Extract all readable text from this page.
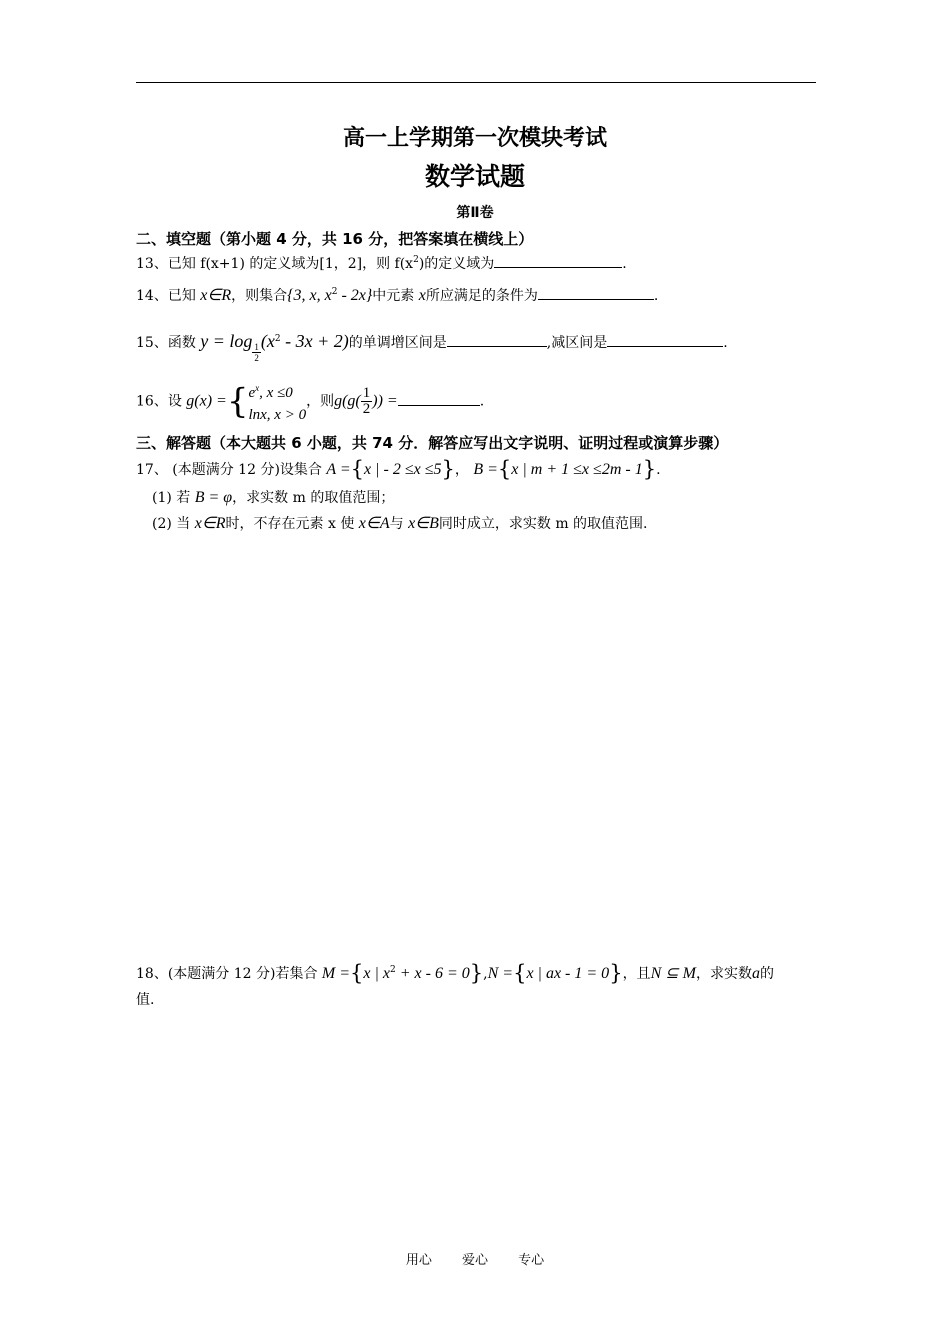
高一上学期第一次模块考试
数学试题
第Ⅱ卷
二、填空题（第小题 4 分，共 16 分，把答案填在横线上）
13、已知 f(x+1) 的定义域为[1，2]，则 $f(x^2)$的定义域为	.
14、已知 x∈R，则集合{3, x, $x^2 - 2x$}中元素 x所应满足的条件为	.
15、函数 y = log
$\frac{1}{2}$
$(x^2 - 3x + 2)$的单调增区间是	,减区间是	.
16、设 $g(x) =\{e^x$, x ≤0
lnx, x > 0，则$g(g( \frac{1}{2}$ )) =	.
三、解答题（本大题共 6 小题，共 74 分．解答应写出文字说明、证明过程或演算步骤）
17、 (本题满分 12 分)设集合 A ={x | - 2 ≤x ≤5}， B ={x | m + 1 ≤x ≤2m - 1}.
(1) 若 B = φ，求实数 m 的取值范围；
(2) 当 x∈R时，不存在元素 x 使 x∈A与 x∈B同时成立，求实数 m 的取值范围.
18、(本题满分 12 分)若集合 M ={x | $x^2 + x - 6 = 0\},N =\{x$ | ax - 1 = 0}，且N ⊆ M，求实数a的
值.
用心 爱心 专心
